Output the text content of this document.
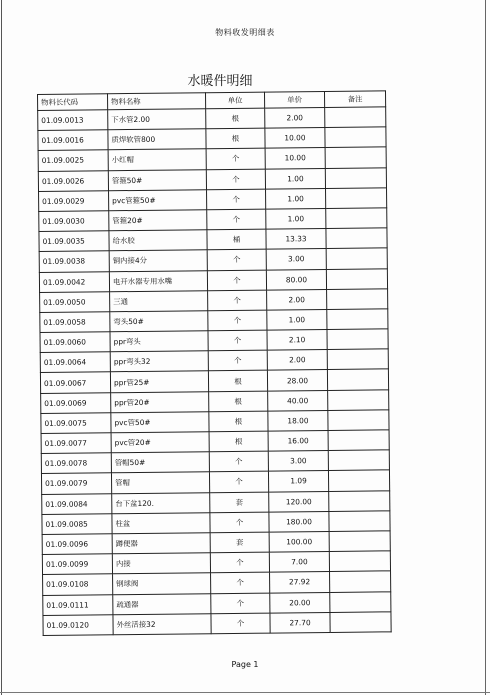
物料收发明细表
水暖件明细
物料长代码	物料名称	单位	单价	备注
01.09.0013	下水管2.00	根	2.00	
01.09.0016	质焊软管800	根	10.00	
01.09.0025	小红帽	个	10.00	
01.09.0026	管箍50#	个	1.00	
01.09.0029	pvc管箍50#	个	1.00	
01.09.0030	管箍20#	个	1.00	
01.09.0035	给水胶	桶	13.33	
01.09.0038	铜内接4分	个	3.00	
01.09.0042	电开水器专用水嘴	个	80.00	
01.09.0050	三通	个	2.00	
01.09.0058	弯头50#	个	1.00	
01.09.0060	ppr弯头	个	2.10	
01.09.0064	ppr弯头32	个	2.00	
01.09.0067	ppr管25#	根	28.00	
01.09.0069	ppr管20#	根	40.00	
01.09.0075	pvc管50#	根	18.00	
01.09.0077	pvc管20#	根	16.00	
01.09.0078	管帽50#	个	3.00	
01.09.0079	管帽	个	1.09	
01.09.0084	台下盆120.	套	120.00	
01.09.0085	柱盆	个	180.00	
01.09.0096	蹲便器	套	100.00	
01.09.0099	内接	个	7.00	
01.09.0108	钢球阀	个	27.92	
01.09.0111	疏通器	个	20.00	
01.09.0120	外丝活接32	个	27.70	
Page 1
